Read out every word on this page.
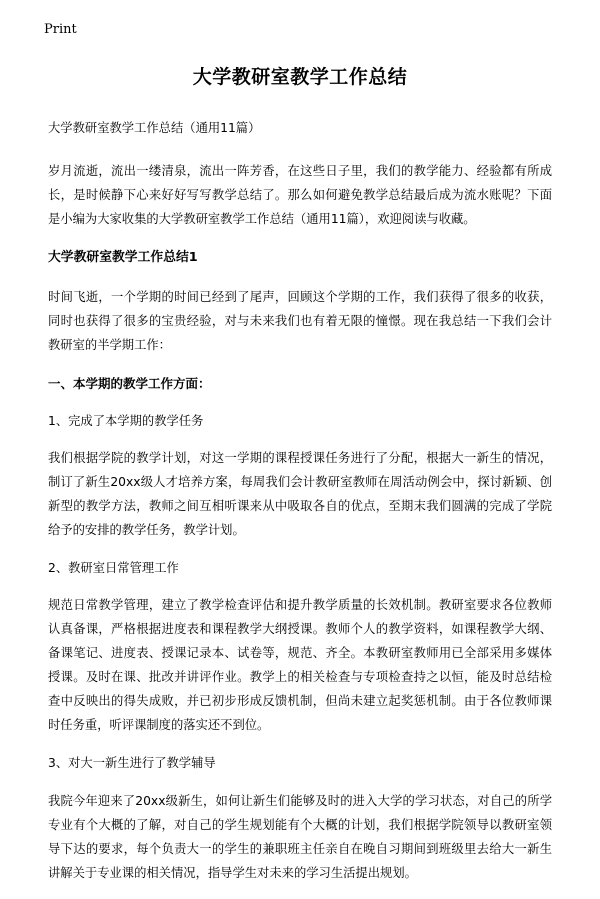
Print
大学教研室教学工作总结

大学教研室教学工作总结（通用11篇）

岁月流逝，流出一缕清泉，流出一阵芳香，在这些日子里，我们的教学能力、经验都有所成长，是时候静下心来好好写写教学总结了。那么如何避免教学总结最后成为流水账呢？下面是小编为大家收集的大学教研室教学工作总结（通用11篇），欢迎阅读与收藏。

大学教研室教学工作总结1

时间飞逝，一个学期的时间已经到了尾声，回顾这个学期的工作，我们获得了很多的收获，同时也获得了很多的宝贵经验，对与未来我们也有着无限的憧憬。现在我总结一下我们会计教研室的半学期工作：

一、本学期的教学工作方面：

1、完成了本学期的教学任务

我们根据学院的教学计划，对这一学期的课程授课任务进行了分配，根据大一新生的情况，制订了新生20xx级人才培养方案，每周我们会计教研室教师在周活动例会中，探讨新颖、创新型的教学方法，教师之间互相听课来从中吸取各自的优点，至期末我们圆满的完成了学院给予的安排的教学任务，教学计划。

2、教研室日常管理工作

规范日常教学管理，建立了教学检查评估和提升教学质量的长效机制。教研室要求各位教师认真备课，严格根据进度表和课程教学大纲授课。教师个人的教学资料，如课程教学大纲、备课笔记、进度表、授课记录本、试卷等，规范、齐全。本教研室教师用已全部采用多媒体授课。及时在课、批改并讲评作业。教学上的相关检查与专项检查持之以恒，能及时总结检查中反映出的得失成败，并已初步形成反馈机制，但尚未建立起奖惩机制。由于各位教师课时任务重，听评课制度的落实还不到位。

3、对大一新生进行了教学辅导

我院今年迎来了20xx级新生，如何让新生们能够及时的进入大学的学习状态，对自己的所学专业有个大概的了解，对自己的学生规划能有个大概的计划，我们根据学院领导以教研室领导下达的要求，每个负责大一的学生的兼职班主任亲自在晚自习期间到班级里去给大一新生讲解关于专业课的相关情况，指导学生对未来的学习生活提出规划。
